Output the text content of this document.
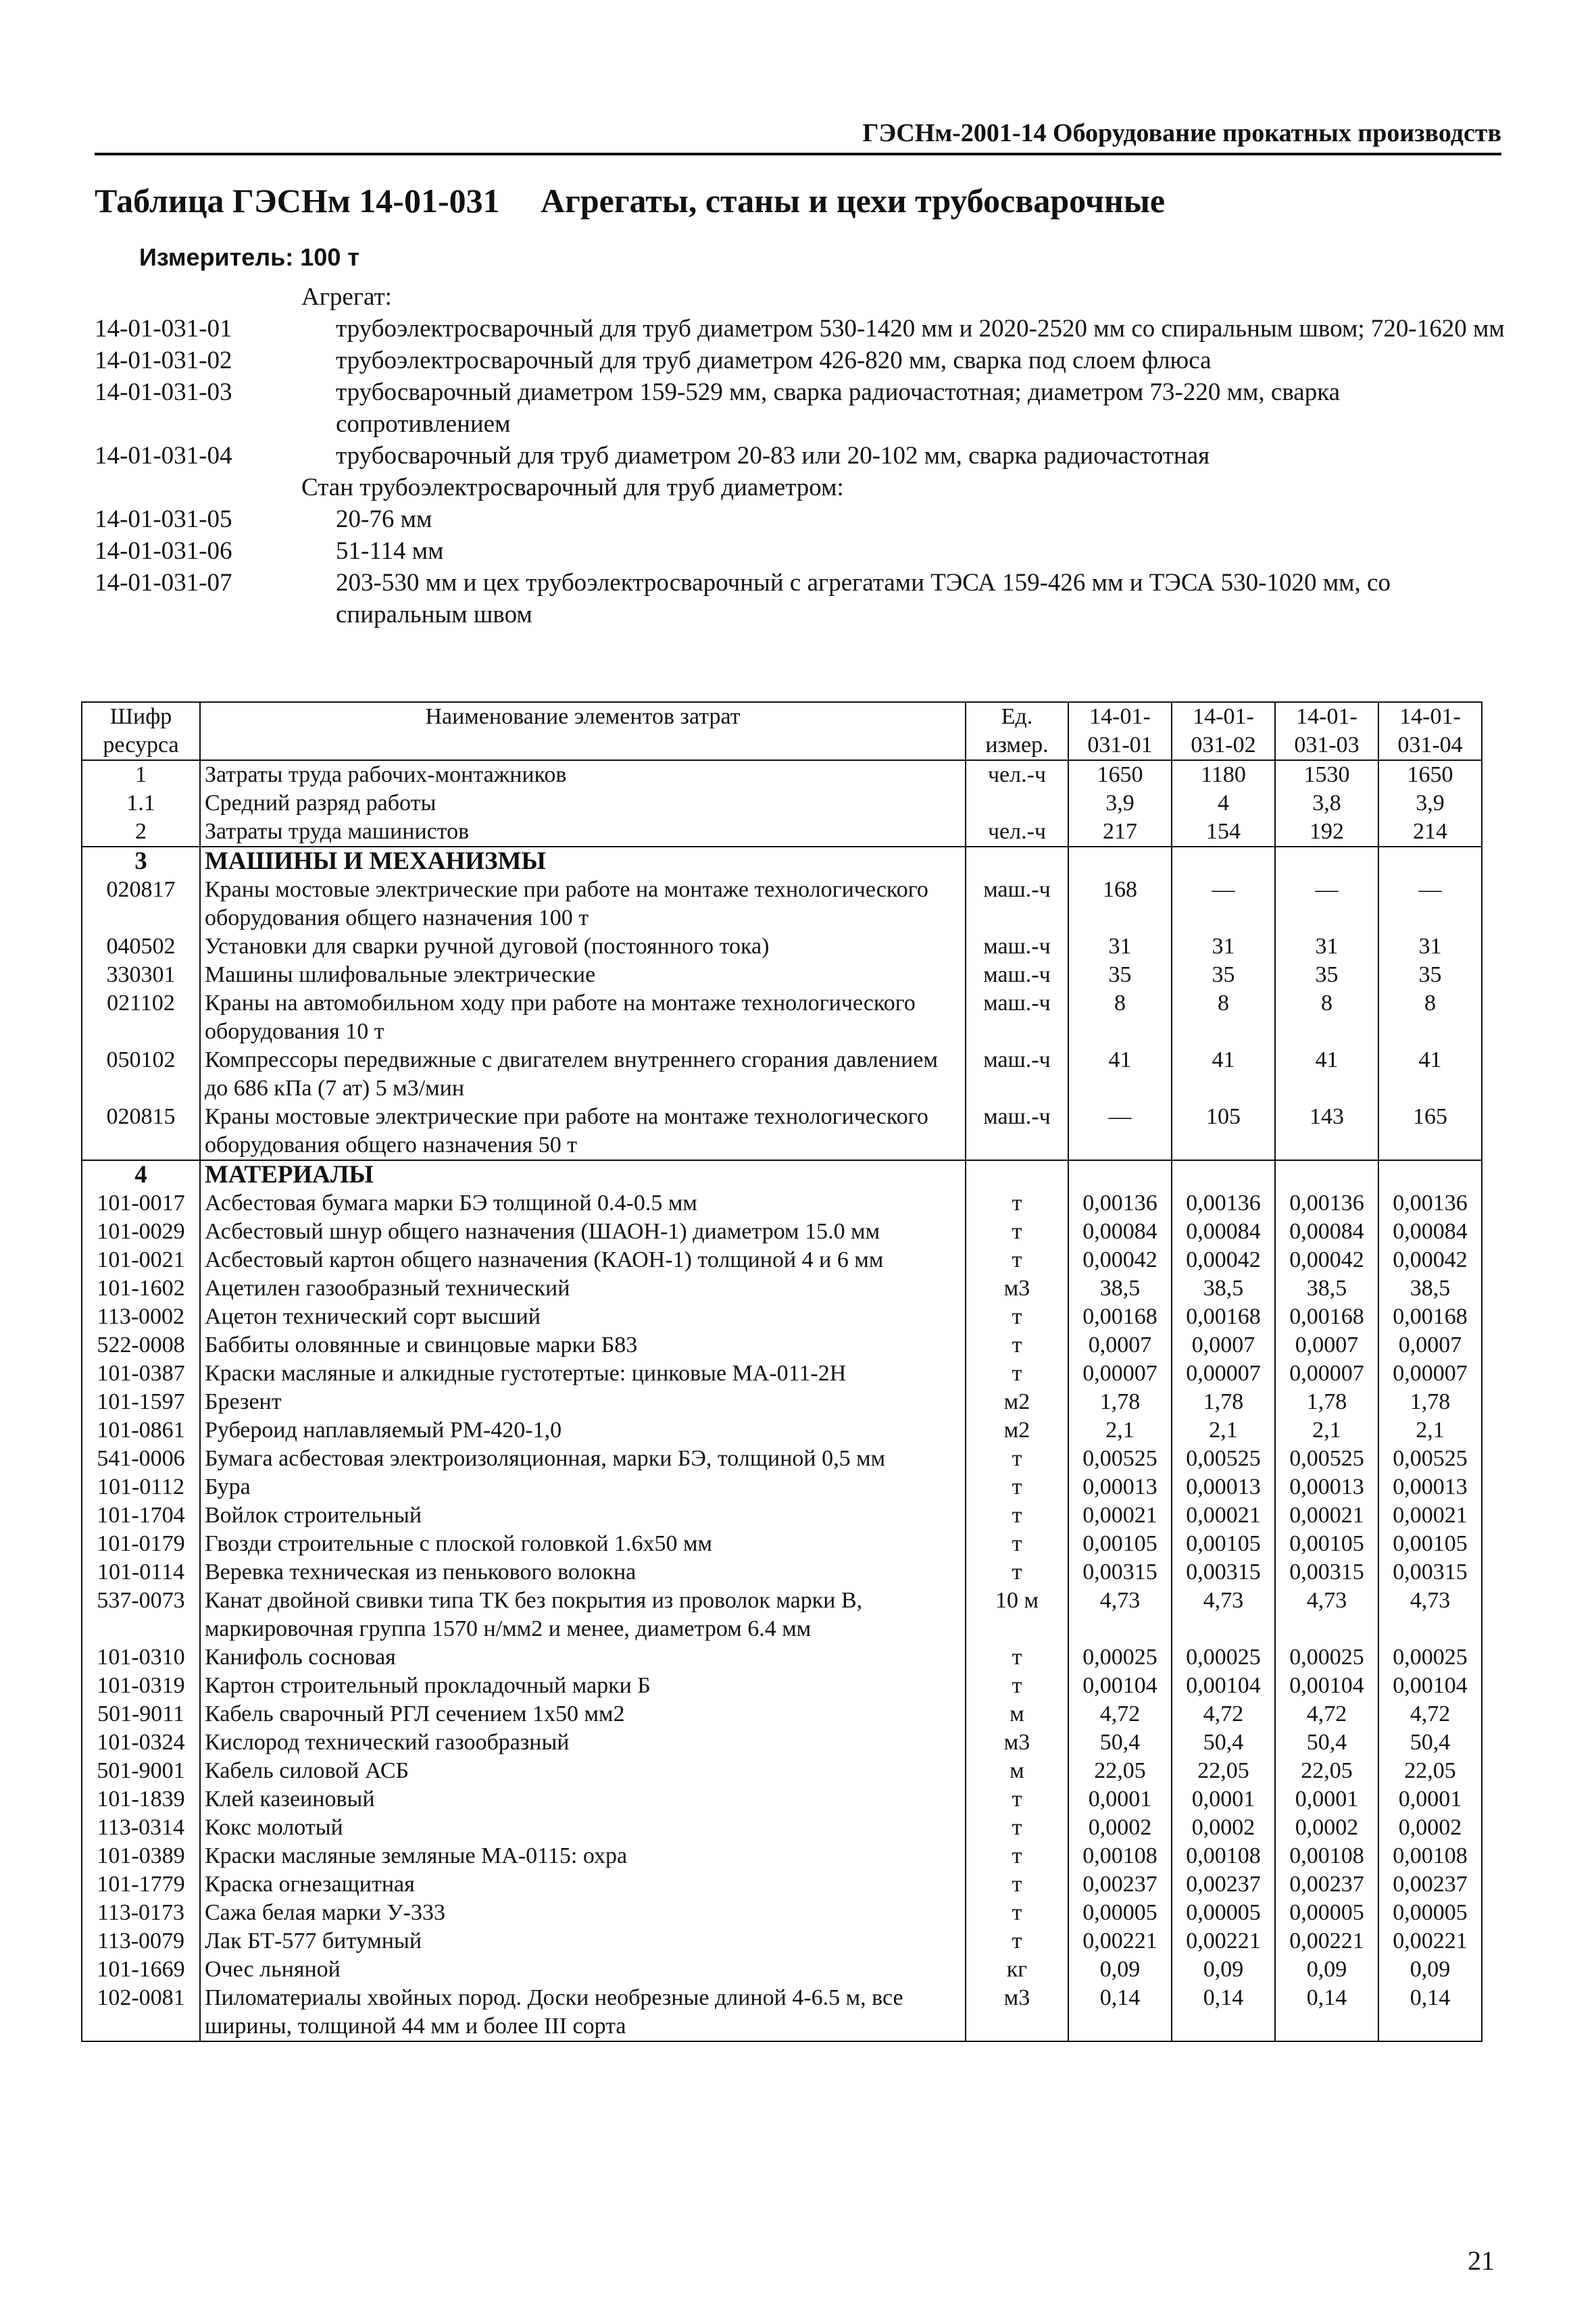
ГЭСНм-2001-14 Оборудование прокатных производств
Таблица ГЭСНм 14-01-031 Агрегаты, станы и цехи трубосварочные
Измеритель: 100 т
Агрегат:
14-01-031-01	трубоэлектросварочный для труб диаметром 530-1420 мм и 2020-2520 мм со спиральным швом; 720-1620 мм
14-01-031-02	трубоэлектросварочный для труб диаметром 426-820 мм, сварка под слоем флюса
14-01-031-03	трубосварочный диаметром 159-529 мм, сварка радиочастотная; диаметром 73-220 мм, сварка сопротивлением
14-01-031-04	трубосварочный для труб диаметром 20-83 или 20-102 мм, сварка радиочастотная
Стан трубоэлектросварочный для труб диаметром:
14-01-031-05	20-76 мм
14-01-031-06	51-114 мм
14-01-031-07	203-530 мм и цех трубоэлектросварочный с агрегатами ТЭСА 159-426 мм и ТЭСА 530-1020 мм, со спиральным швом
Шифр ресурса	Наименование элементов затрат	Ед. измер.	14-01-031-01	14-01-031-02	14-01-031-03	14-01-031-04
1	Затраты труда рабочих-монтажников	чел.-ч	1650	1180	1530	1650
1.1	Средний разряд работы		3,9	4	3,8	3,9
2	Затраты труда машинистов	чел.-ч	217	154	192	214
3	МАШИНЫ И МЕХАНИЗМЫ					
020817	Краны мостовые электрические при работе на монтаже технологического оборудования общего назначения 100 т	маш.-ч	168	—	—	—
040502	Установки для сварки ручной дуговой (постоянного тока)	маш.-ч	31	31	31	31
330301	Машины шлифовальные электрические	маш.-ч	35	35	35	35
021102	Краны на автомобильном ходу при работе на монтаже технологического оборудования 10 т	маш.-ч	8	8	8	8
050102	Компрессоры передвижные с двигателем внутреннего сгорания давлением до 686 кПа (7 ат) 5 м3/мин	маш.-ч	41	41	41	41
020815	Краны мостовые электрические при работе на монтаже технологического оборудования общего назначения 50 т	маш.-ч	—	105	143	165
4	МАТЕРИАЛЫ					
101-0017	Асбестовая бумага марки БЭ толщиной 0.4-0.5 мм	т	0,00136	0,00136	0,00136	0,00136
101-0029	Асбестовый шнур общего назначения (ШАОН-1) диаметром 15.0 мм	т	0,00084	0,00084	0,00084	0,00084
101-0021	Асбестовый картон общего назначения (КАОН-1) толщиной 4 и 6 мм	т	0,00042	0,00042	0,00042	0,00042
101-1602	Ацетилен газообразный технический	м3	38,5	38,5	38,5	38,5
113-0002	Ацетон технический сорт высший	т	0,00168	0,00168	0,00168	0,00168
522-0008	Баббиты оловянные и свинцовые марки Б83	т	0,0007	0,0007	0,0007	0,0007
101-0387	Краски масляные и алкидные густотертые: цинковые МА-011-2Н	т	0,00007	0,00007	0,00007	0,00007
101-1597	Брезент	м2	1,78	1,78	1,78	1,78
101-0861	Рубероид наплавляемый РМ-420-1,0	м2	2,1	2,1	2,1	2,1
541-0006	Бумага асбестовая электроизоляционная, марки БЭ, толщиной 0,5 мм	т	0,00525	0,00525	0,00525	0,00525
101-0112	Бура	т	0,00013	0,00013	0,00013	0,00013
101-1704	Войлок строительный	т	0,00021	0,00021	0,00021	0,00021
101-0179	Гвозди строительные с плоской головкой 1.6х50 мм	т	0,00105	0,00105	0,00105	0,00105
101-0114	Веревка техническая из пенькового волокна	т	0,00315	0,00315	0,00315	0,00315
537-0073	Канат двойной свивки типа ТК без покрытия из проволок марки В, маркировочная группа 1570 н/мм2 и менее, диаметром 6.4 мм	10 м	4,73	4,73	4,73	4,73
101-0310	Канифоль сосновая	т	0,00025	0,00025	0,00025	0,00025
101-0319	Картон строительный прокладочный марки Б	т	0,00104	0,00104	0,00104	0,00104
501-9011	Кабель сварочный РГЛ сечением 1х50 мм2	м	4,72	4,72	4,72	4,72
101-0324	Кислород технический газообразный	м3	50,4	50,4	50,4	50,4
501-9001	Кабель силовой АСБ	м	22,05	22,05	22,05	22,05
101-1839	Клей казеиновый	т	0,0001	0,0001	0,0001	0,0001
113-0314	Кокс молотый	т	0,0002	0,0002	0,0002	0,0002
101-0389	Краски масляные земляные МА-0115: охра	т	0,00108	0,00108	0,00108	0,00108
101-1779	Краска огнезащитная	т	0,00237	0,00237	0,00237	0,00237
113-0173	Сажа белая марки У-333	т	0,00005	0,00005	0,00005	0,00005
113-0079	Лак БТ-577 битумный	т	0,00221	0,00221	0,00221	0,00221
101-1669	Очес льняной	кг	0,09	0,09	0,09	0,09
102-0081	Пиломатериалы хвойных пород. Доски необрезные длиной 4-6.5 м, все ширины, толщиной 44 мм и более III сорта	м3	0,14	0,14	0,14	0,14
21
